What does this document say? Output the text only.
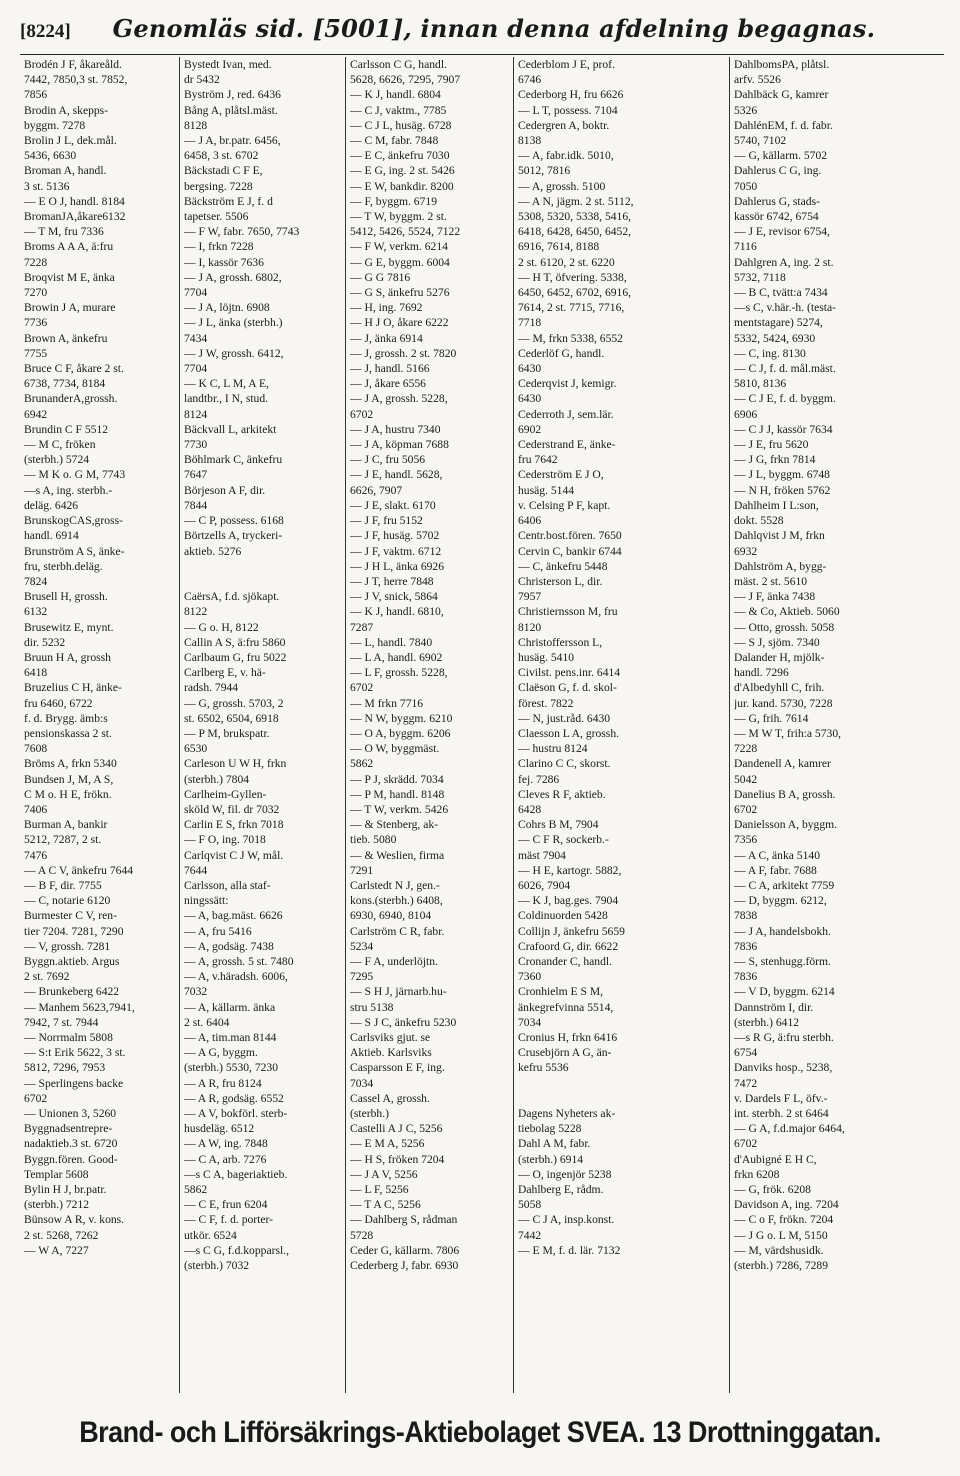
[8224] Genomläs sid. [5001], innan denna afdelning begagnas.
Brodén J F, åkareåld.
7442, 7850,3 st. 7852,
7856
Brodin A, skepps-
byggm. 7278
Brolin J L, dek.mål.
5436, 6630
Broman A, handl.
3 st. 5136
— E O J, handl. 8184
BromanJA,åkare6132
— T M, fru 7336
Broms A A A, ä:fru
7228
Broqvist M E, änka
7270
Browin J A, murare
7736
Brown A, änkefru
7755
Bruce C F, åkare 2 st.
6738, 7734, 8184
BrunanderA,grossh.
6942
Brundin C F 5512
— M C, fröken
(sterbh.) 5724
— M K o. G M, 7743
—s A, ing. sterbh.-
deläg. 6426
BrunskogCAS,gross-
handl. 6914
Brunström A S, änke-
fru, sterbh.deläg.
7824
Brusell H, grossh.
6132
Brusewitz E, mynt.
dir. 5232
Bruun H A, grossh
6418
Bruzelius C H, änke-
fru 6460, 6722
f. d. Brygg. ämb:s
pensionskassa 2 st.
7608
Bröms A, frkn 5340
Bundsen J, M, A S,
C M o. H E, frökn.
7406
Burman A, bankir
5212, 7287, 2 st.
7476
— A C V, änkefru 7644
— B F, dir. 7755
— C, notarie 6120
Burmester C V, ren-
tier 7204. 7281, 7290
— V, grossh. 7281
Byggn.aktieb. Argus
2 st. 7692
— Brunkeberg 6422
— Manhem 5623,7941,
7942, 7 st. 7944
— Norrmalm 5808
— S:t Erik 5622, 3 st.
5812, 7296, 7953
— Sperlingens backe
6702
— Unionen 3, 5260
Byggnadsentrepre-
nadaktieb.3 st. 6720
Byggn.fören. Good-
Templar 5608
Bylin H J, br.patr.
(sterbh.) 7212
Bünsow A R, v. kons.
2 st. 5268, 7262
— W A, 7227
Bystedt Ivan, med.
dr 5432
Byström J, red. 6436
Bång A, plåtsl.mäst.
8128
— J A, br.patr. 6456,
6458, 3 st. 6702
Bäckstadi C F E,
bergsing. 7228
Bäckström E J, f. d
tapetser. 5506
— F W, fabr. 7650, 7743
— I, frkn 7228
— I, kassör 7636
— J A, grossh. 6802,
7704
— J A, löjtn. 6908
— J L, änka (sterbh.)
7434
— J W, grossh. 6412,
7704
— K C, L M, A E,
landtbr., I N, stud.
8124
Bäckvall L, arkitekt
7730
Böhlmark C, änkefru
7647
Börjeson A F, dir.
7844
— C P, possess. 6168
Börtzells A, tryckeri-
aktieb. 5276

CaërsA, f.d. sjökapt.
8122
— G o. H, 8122
Callin A S, ä:fru 5860
Carlbaum G, fru 5022
Carlberg E, v. hä-
radsh. 7944
— G, grossh. 5703, 2
st. 6502, 6504, 6918
— P M, brukspatr.
6530
Carleson U W H, frkn
(sterbh.) 7804
Carlheim-Gyllen-
sköld W, fil. dr 7032
Carlin E S, frkn 7018
— F O, ing. 7018
Carlqvist C J W, mål.
7644
Carlsson, alla staf-
ningssätt:
— A, bag.mäst. 6626
— A, fru 5416
— A, godsäg. 7438
— A, grossh. 5 st. 7480
— A, v.häradsh. 6006,
7032
— A, källarm. änka
2 st. 6404
— A, tim.man 8144
— A G, byggm.
(sterbh.) 5530, 7230
— A R, fru 8124
— A R, godsäg. 6552
— A V, bokförl. sterb-
husdeläg. 6512
— A W, ing. 7848
— C A, arb. 7276
—s C A, bageriaktieb.
5862
— C E, frun 6204
— C F, f. d. porter-
utkör. 6524
—s C G, f.d.kopparsl.,
(sterbh.) 7032
Carlsson C G, handl.
5628, 6626, 7295, 7907
— K J, handl. 6804
— C J, vaktm., 7785
— C J L, husäg. 6728
— C M, fabr. 7848
— E C, änkefru 7030
— E G, ing. 2 st. 5426
— E W, bankdir. 8200
— F, byggm. 6719
— T W, byggm. 2 st.
5412, 5426, 5524, 7122
— F W, verkm. 6214
— G E, byggm. 6004
— G G 7816
— G S, änkefru 5276
— H, ing. 7692
— H J O, åkare 6222
— J, änka 6914
— J, grossh. 2 st. 7820
— J, handl. 5166
— J, åkare 6556
— J A, grossh. 5228,
6702
— J A, hustru 7340
— J A, köpman 7688
— J C, fru 5056
— J E, handl. 5628,
6626, 7907
— J E, slakt. 6170
— J F, fru 5152
— J F, husäg. 5702
— J F, vaktm. 6712
— J H L, änka 6926
— J T, herre 7848
— J V, snick, 5864
— K J, handl. 6810,
7287
— L, handl. 7840
— L A, handl. 6902
— L F, grossh. 5228,
6702
— M frkn 7716
— N W, byggm. 6210
— O A, byggm. 6206
— O W, byggmäst.
5862
— P J, skrädd. 7034
— P M, handl. 8148
— T W, verkm. 5426
— & Stenberg, ak-
tieb. 5080
— & Weslien, firma
7291
Carlstedt N J, gen.-
kons.(sterbh.) 6408,
6930, 6940, 8104
Carlström C R, fabr.
5234
— F A, underlöjtn.
7295
— S H J, järnarb.hu-
stru 5138
— S J C, änkefru 5230
Carlsviks gjut. se
Aktieb. Karlsviks
Casparsson E F, ing.
7034
Cassel A, grossh.
(sterbh.)
Castelli A J C, 5256
— E M A, 5256
— H S, fröken 7204
— J A V, 5256
— L F, 5256
— T A C, 5256
— Dahlberg S, rådman
5728
Ceder G, källarm. 7806
Cederberg J, fabr. 6930
Cederblom J E, prof.
6746
Cederborg H, fru 6626
— L T, possess. 7104
Cedergren A, boktr.
8138
— A, fabr.idk. 5010,
5012, 7816
— A, grossh. 5100
— A N, jägm. 2 st. 5112,
5308, 5320, 5338, 5416,
6418, 6428, 6450, 6452,
6916, 7614, 8188
2 st. 6120, 2 st. 6220
— H T, öfvering. 5338,
6450, 6452, 6702, 6916,
7614, 2 st. 7715, 7716,
7718
— M, frkn 5338, 6552
Cederlöf G, handl.
6430
Cederqvist J, kemigr.
6430
Cederroth J, sem.lär.
6902
Cederstrand E, änke-
fru 7642
Cederström E J O,
husäg. 5144
v. Celsing P F, kapt.
6406
Centr.bost.fören. 7650
Cervin C, bankir 6744
— C, änkefru 5448
Christerson L, dir.
7957
Christiernsson M, fru
8120
Christoffersson L,
husäg. 5410
Civilst. pens.inr. 6414
Claëson G, f. d. skol-
förest. 7822
— N, just.råd. 6430
Claesson L A, grossh.
— hustru 8124
Clarino C C, skorst.
fej. 7286
Cleves R F, aktieb.
6428
Cohrs B M, 7904
— C F R, sockerb.-
mäst 7904
— H E, kartogr. 5882,
6026, 7904
— K J, bag.ges. 7904
Coldinuorden 5428
Collijn J, änkefru 5659
Crafoord G, dir. 6622
Cronander C, handl.
7360
Cronhielm E S M,
änkegrefvinna 5514,
7034
Cronius H, frkn 6416
Crusebjörn A G, än-
kefru 5536

Dagens Nyheters ak-
tiebolag 5228
Dahl A M, fabr.
(sterbh.) 6914
— O, ingenjör 5238
Dahlberg E, rådm.
5058
— C J A, insp.konst.
7442
— E M, f. d. lär. 7132
DahlbomsPA, plåtsl.
arfv. 5526
Dahlbäck G, kamrer
5326
DahlénEM, f. d. fabr.
5740, 7102
— G, källarm. 5702
Dahlerus C G, ing.
7050
Dahlerus G, stads-
kassör 6742, 6754
— J E, revisor 6754,
7116
Dahlgren A, ing. 2 st.
5732, 7118
— B C, tvätt:a 7434
—s C, v.här.-h. (testa-
mentstagare) 5274,
5332, 5424, 6930
— C, ing. 8130
— C J, f. d. mål.mäst.
5810, 8136
— C J E, f. d. byggm.
6906
— C J J, kassör 7634
— J E, fru 5620
— J G, frkn 7814
— J L, byggm. 6748
— N H, fröken 5762
Dahlheim I L:son,
dokt. 5528
Dahlqvist J M, frkn
6932
Dahlström A, bygg-
mäst. 2 st. 5610
— J F, änka 7438
— & Co, Aktieb. 5060
— Otto, grossh. 5058
— S J, sjöm. 7340
Dalander H, mjölk-
handl. 7296
d'Albedyhll C, frih.
jur. kand. 5730, 7228
— G, frih. 7614
— M W T, frih:a 5730,
7228
Dandenell A, kamrer
5042
Danelius B A, grossh.
6702
Danielsson A, byggm.
7356
— A C, änka 5140
— A F, fabr. 7688
— C A, arkitekt 7759
— D, byggm. 6212,
7838
— J A, handelsbokh.
7836
— S, stenhugg.förm.
7836
— V D, byggm. 6214
Dannström I, dir.
(sterbh.) 6412
—s R G, ä:fru sterbh.
6754
Danviks hosp., 5238,
7472
v. Dardels F L, öfv.-
int. sterbh. 2 st 6464
— G A, f.d.major 6464,
6702
d'Aubigné E H C,
frkn 6208
— G, frök. 6208
Davidson A, ing. 7204
— C o F, frökn. 7204
— J G o. L M, 5150
— M, värdshusidk.
(sterbh.) 7286, 7289
Brand- och Lifförsäkrings-Aktiebolaget SVEA. 13 Drottninggatan.
